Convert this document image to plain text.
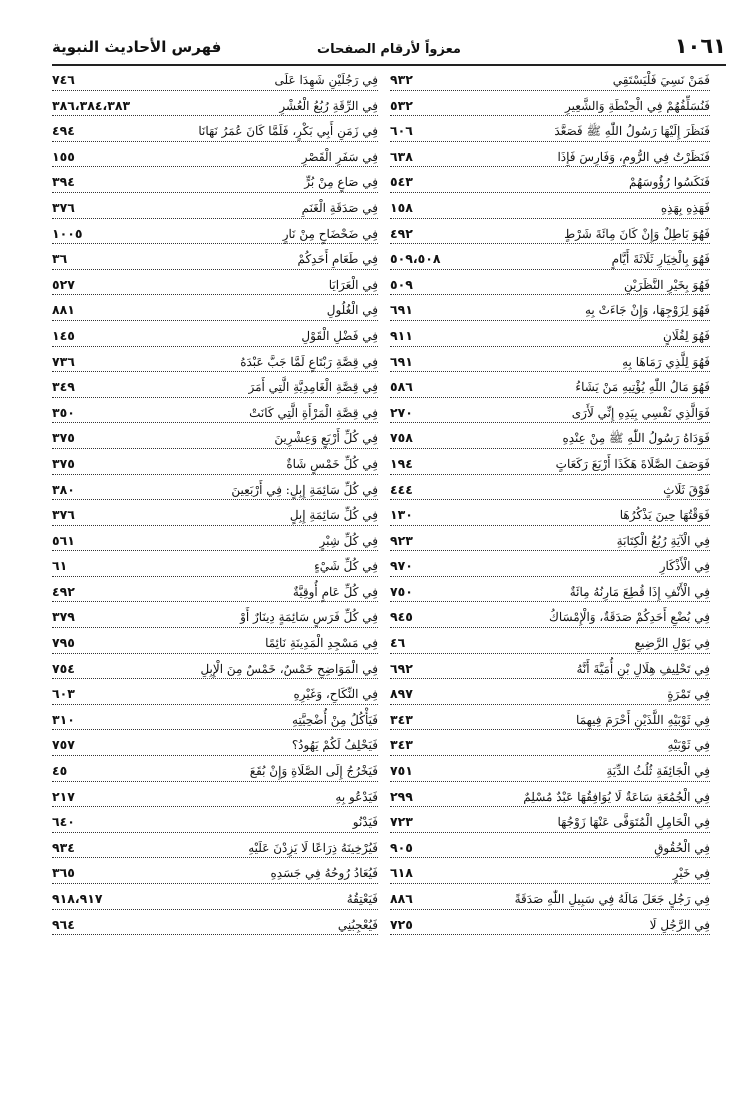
١٠٦١
معزواً لأرقام الصفحات
فهرس الأحاديث النبوية
فَمَنْ نَسِيَ فَلْيَسْتَقِي
٩٣٢
فَنُسَلِّفُهُمْ فِي الْحِنْطَةِ وَالشَّعِيرِ
٥٣٢
فَنَظَرَ إِلَيْهَا رَسُولُ اللّٰهِ ﷺ فَصَعَّدَ
٦٠٦
فَنَظَرْتُ فِي الرُّومِ، وَفَارِسَ فَإِذَا
٦٣٨
فَنَكَسُوا رُؤُوسَهُمْ
٥٤٣
فَهَذِهِ بِهَذِهِ
١٥٨
فَهُوَ بَاطِلٌ وَإِنْ كَانَ مِائَةَ شَرْطٍ
٤٩٢
فَهُوَ بِالْخِيَارِ ثَلَاثَةَ أَيَّامٍ
٥٠٩،٥٠٨
فَهُوَ بِخَيْرِ النَّظَرَيْنِ
٥٠٩
فَهُوَ لِزَوْجِهَا، وَإِنْ جَاءَتْ بِهِ
٦٩١
فَهُوَ لِفُلَانٍ
٩١١
فَهُوَ لِلَّذِي رَمَاهَا بِهِ
٦٩١
فَهُوَ مَالُ اللّٰهِ يُؤْتِيهِ مَنْ يَشَاءُ
٥٨٦
فَوَالَّذِي نَفْسِي بِيَدِهِ إِنِّي لَأَرَى
٢٧٠
فَوَدَاهُ رَسُولُ اللّٰهِ ﷺ مِنْ عِنْدِهِ
٧٥٨
فَوَصَفَ الصَّلَاةَ هَكَذَا أَرْبَعَ رَكَعَاتٍ
١٩٤
فَوْقَ ثَلَاثٍ
٤٤٤
فَوَقْتُهَا حِينَ يَذْكُرُهَا
١٣٠
فِي الْآيَةِ رُبُعُ الْكِتَابَةِ
٩٢٣
فِي الْأَذْكَارِ
٩٧٠
فِي الْأَنْفِ إِذَا قُطِعَ مَارِنُهُ مِائَةٌ
٧٥٠
فِي بُضْعِ أَحَدِكُمْ صَدَقَةٌ، وَالْإِمْسَاكُ
٩٤٥
فِي بَوْلِ الرَّضِيعِ
٤٦
فِي تَحْلِيفِ هِلَالِ بْنِ أُمَيَّةَ أَنَّهُ
٦٩٢
فِي تَمْرَةٍ
٨٩٧
فِي ثَوْبَيْهِ اللَّذَيْنِ أَحْرَمَ فِيهِمَا
٣٤٣
فِي ثَوْبَيْهِ
٣٤٣
فِي الْجَائِفَةِ ثُلُثُ الدِّيَةِ
٧٥١
فِي الْجُمُعَةِ سَاعَةٌ لَا يُوَافِقُهَا عَبْدٌ مُسْلِمٌ
٢٩٩
فِي الْحَامِلِ الْمُتَوَفَّى عَنْهَا زَوْجُهَا
٧٢٣
فِي الْحُقُوقِ
٩٠٥
فِي خَيْرٍ
٦١٨
فِي رَجُلٍ جَعَلَ مَالَهُ فِي سَبِيلِ اللّٰهِ صَدَقَةً
٨٨٦
فِي الرَّجُلِ لَا
٧٢٥
فِي رَجُلَيْنِ شَهِدَا عَلَى
٧٤٦
فِي الرِّقَةِ رُبُعُ الْعُشْرِ
٣٨٦،٣٨٤،٣٨٣
فِي زَمَنِ أَبِي بَكْرٍ، فَلَمَّا كَانَ عُمَرُ نَهَانَا
٤٩٤
فِي سَفَرِ الْقَصْرِ
١٥٥
فِي صَاعٍ مِنْ بُرٍّ
٣٩٤
فِي صَدَقَةِ الْغَنَمِ
٣٧٦
فِي ضَحْضَاحٍ مِنْ نَارٍ
١٠٠٥
فِي طَعَامِ أَحَدِكُمْ
٣٦
فِي الْعَرَايَا
٥٢٧
فِي الْغُلُولِ
٨٨١
فِي فَضْلِ الْقَوْلِ
١٤٥
فِي قِصَّةِ رَبْتَاعٍ لَمَّا جَبَّ عَبْدَهُ
٧٣٦
فِي قِصَّةِ الْغَامِدِيَّةِ الَّتِي أَمَرَ
٣٤٩
فِي قِصَّةِ الْمَرْأَةِ الَّتِي كَانَتْ
٣٥٠
فِي كُلِّ أَرْبَعٍ وَعِشْرِينَ
٣٧٥
فِي كُلِّ خَمْسٍ شَاةٌ
٣٧٥
فِي كُلِّ سَائِمَةِ إِبِلٍ: فِي أَرْبَعِينَ
٣٨٠
فِي كُلِّ سَائِمَةِ إِبِلٍ
٣٧٦
فِي كُلِّ شِبْرٍ
٥٦١
فِي كُلِّ شَيْءٍ
٦١
فِي كُلِّ عَامٍ أُوقِيَّةٌ
٤٩٢
فِي كُلِّ فَرَسٍ سَائِمَةٍ دِينَارٌ أَوْ
٣٧٩
فِي مَسْجِدِ الْمَدِينَةِ نَائِمًا
٧٩٥
فِي الْمَوَاضِحِ خَمْسٌ، خَمْسٌ مِنَ الْإِبِلِ
٧٥٤
فِي النِّكَاحِ، وَغَيْرِهِ
٦٠٣
فَيَأْكُلُ مِنْ أُضْحِيَّتِهِ
٣١٠
فَيَحْلِفُ لَكُمْ يَهُودُ؟
٧٥٧
فَيَخْرُجُ إِلَى الصَّلَاةِ وَإِنْ بُقَعَ
٤٥
فَيَدْعُو بِهِ
٢١٧
فَيَدْنُو
٦٤٠
فَيُرْخِينَهُ ذِرَاعًا لَا يَزِدْنَ عَلَيْهِ
٩٣٤
فَيُعَادُ رُوحُهُ فِي جَسَدِهِ
٣٦٥
فَيَعْتِقُهُ
٩١٨،٩١٧
فَيُعْجِبُنِي
٩٦٤
